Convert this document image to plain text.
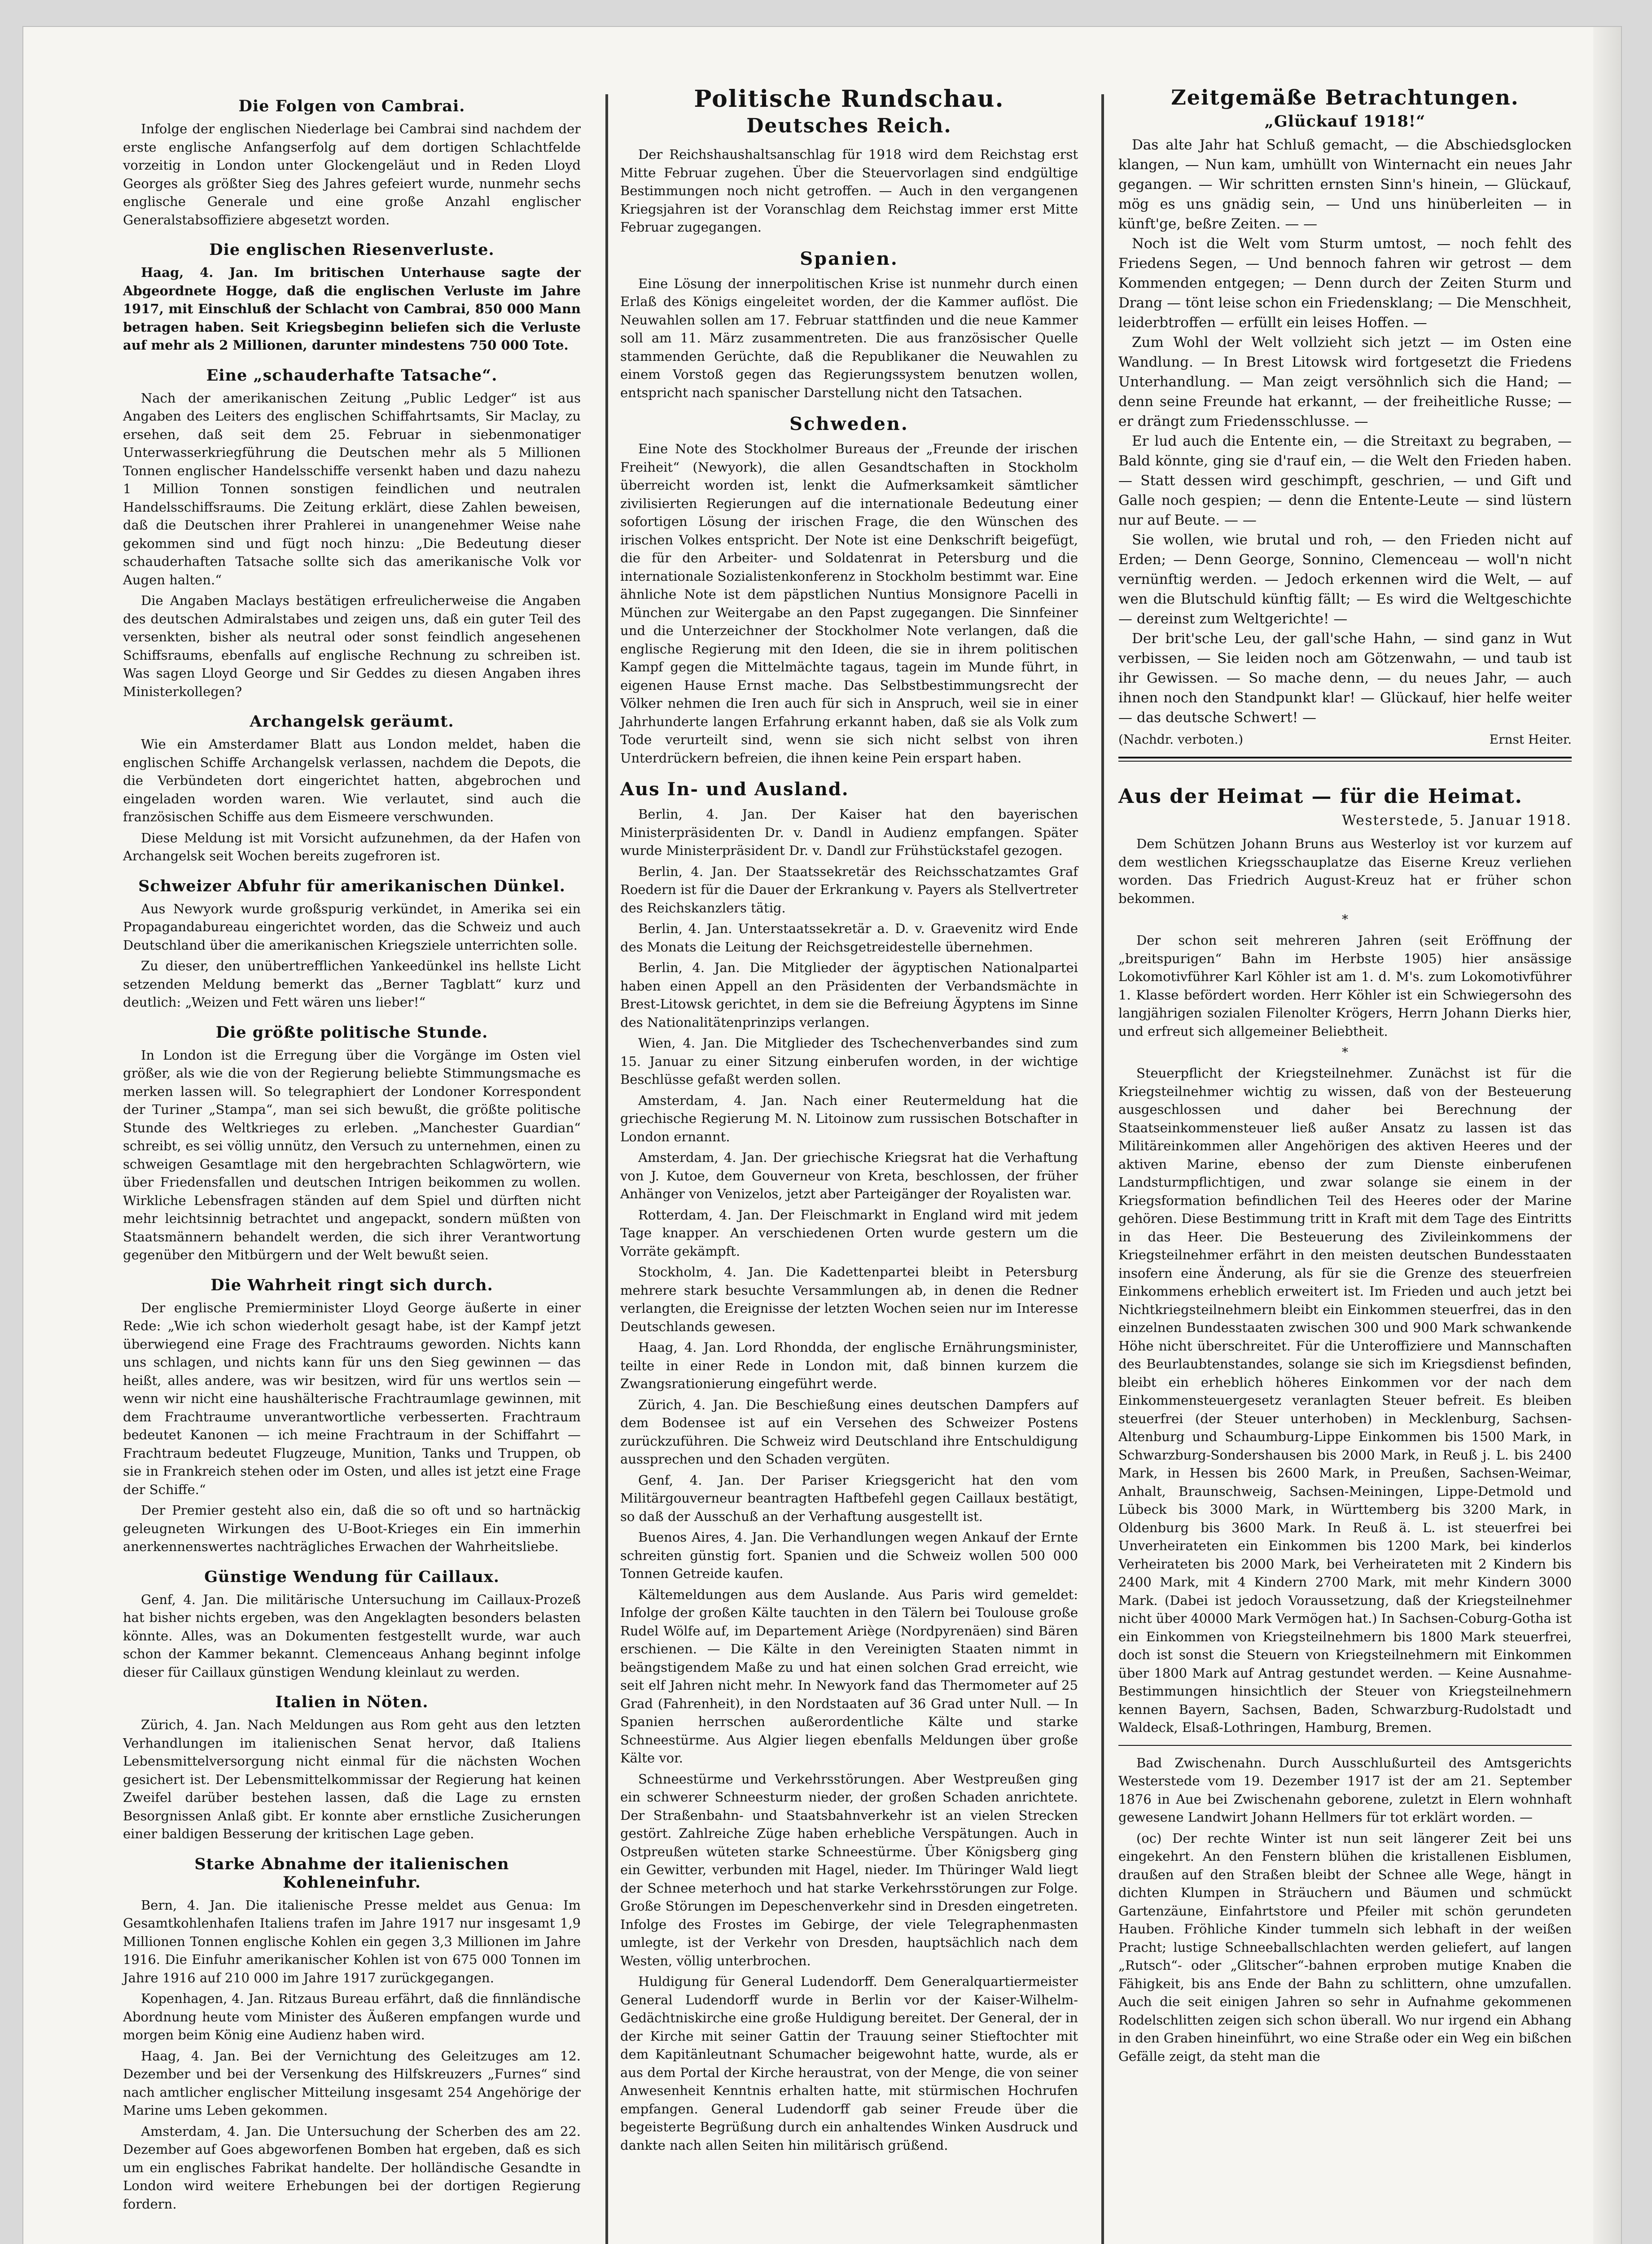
Die Folgen von Cambrai.

Infolge der englischen Niederlage bei Cambrai sind nachdem der erste englische Anfangserfolg auf dem dortigen Schlachtfelde vorzeitig in London unter Glockengeläut und in Reden Lloyd Georges als größter Sieg des Jahres gefeiert wurde, nunmehr sechs englische Generale und eine große Anzahl englischer Generalstabsoffiziere abgesetzt worden.

Die englischen Riesenverluste.

Haag, 4. Jan. Im britischen Unterhause sagte der Abgeordnete Hogge, daß die englischen Verluste im Jahre 1917, mit Einschluß der Schlacht von Cambrai, 850 000 Mann betragen haben. Seit Kriegsbeginn beliefen sich die Verluste auf mehr als 2 Millionen, darunter mindestens 750 000 Tote.

Eine „schauderhafte Tatsache“.

Nach der amerikanischen Zeitung „Public Ledger“ ist aus Angaben des Leiters des englischen Schiffahrtsamts, Sir Maclay, zu ersehen, daß seit dem 25. Februar in siebenmonatiger Unterwasserkriegführung die Deutschen mehr als 5 Millionen Tonnen englischer Handelsschiffe versenkt haben und dazu nahezu 1 Million Tonnen sonstigen feindlichen und neutralen Handelsschiffsraums. Die Zeitung erklärt, diese Zahlen beweisen, daß die Deutschen ihrer Prahlerei in unangenehmer Weise nahe gekommen sind und fügt noch hinzu: „Die Bedeutung dieser schauderhaften Tatsache sollte sich das amerikanische Volk vor Augen halten.“

Die Angaben Maclays bestätigen erfreulicherweise die Angaben des deutschen Admiralstabes und zeigen uns, daß ein guter Teil des versenkten, bisher als neutral oder sonst feindlich angesehenen Schiffsraums, ebenfalls auf englische Rechnung zu schreiben ist. Was sagen Lloyd George und Sir Geddes zu diesen Angaben ihres Ministerkollegen?

Archangelsk geräumt.

Wie ein Amsterdamer Blatt aus London meldet, haben die englischen Schiffe Archangelsk verlassen, nachdem die Depots, die die Verbündeten dort eingerichtet hatten, abgebrochen und eingeladen worden waren. Wie verlautet, sind auch die französischen Schiffe aus dem Eismeere verschwunden.

Diese Meldung ist mit Vorsicht aufzunehmen, da der Hafen von Archangelsk seit Wochen bereits zugefroren ist.

Schweizer Abfuhr für amerikanischen Dünkel.

Aus Newyork wurde großspurig verkündet, in Amerika sei ein Propagandabureau eingerichtet worden, das die Schweiz und auch Deutschland über die amerikanischen Kriegsziele unterrichten solle.

Zu dieser, den unübertrefflichen Yankeedünkel ins hellste Licht setzenden Meldung bemerkt das „Berner Tagblatt“ kurz und deutlich: „Weizen und Fett wären uns lieber!“

Die größte politische Stunde.

In London ist die Erregung über die Vorgänge im Osten viel größer, als wie die von der Regierung beliebte Stimmungsmache es merken lassen will. So telegraphiert der Londoner Korrespondent der Turiner „Stampa“, man sei sich bewußt, die größte politische Stunde des Weltkrieges zu erleben. „Manchester Guardian“ schreibt, es sei völlig unnütz, den Versuch zu unternehmen, einen zu schweigen Gesamtlage mit den hergebrachten Schlagwörtern, wie über Friedensfallen und deutschen Intrigen beikommen zu wollen. Wirkliche Lebensfragen ständen auf dem Spiel und dürften nicht mehr leichtsinnig betrachtet und angepackt, sondern müßten von Staatsmännern behandelt werden, die sich ihrer Verantwortung gegenüber den Mitbürgern und der Welt bewußt seien.

Die Wahrheit ringt sich durch.

Der englische Premierminister Lloyd George äußerte in einer Rede: „Wie ich schon wiederholt gesagt habe, ist der Kampf jetzt überwiegend eine Frage des Frachtraums geworden. Nichts kann uns schlagen, und nichts kann für uns den Sieg gewinnen — das heißt, alles andere, was wir besitzen, wird für uns wertlos sein — wenn wir nicht eine haushälterische Frachtraumlage gewinnen, mit dem Frachtraume unverantwortliche verbesserten. Frachtraum bedeutet Kanonen — ich meine Frachtraum in der Schiffahrt — Frachtraum bedeutet Flugzeuge, Munition, Tanks und Truppen, ob sie in Frankreich stehen oder im Osten, und alles ist jetzt eine Frage der Schiffe.“

Der Premier gesteht also ein, daß die so oft und so hartnäckig geleugneten Wirkungen des U-Boot-Krieges ein Ein immerhin anerkennenswertes nachträgliches Erwachen der Wahrheitsliebe.

Günstige Wendung für Caillaux.

Genf, 4. Jan. Die militärische Untersuchung im Caillaux-Prozeß hat bisher nichts ergeben, was den Angeklagten besonders belasten könnte. Alles, was an Dokumenten festgestellt wurde, war auch schon der Kammer bekannt. Clemenceaus Anhang beginnt infolge dieser für Caillaux günstigen Wendung kleinlaut zu werden.

Italien in Nöten.

Zürich, 4. Jan. Nach Meldungen aus Rom geht aus den letzten Verhandlungen im italienischen Senat hervor, daß Italiens Lebensmittelversorgung nicht einmal für die nächsten Wochen gesichert ist. Der Lebensmittelkommissar der Regierung hat keinen Zweifel darüber bestehen lassen, daß die Lage zu ernsten Besorgnissen Anlaß gibt. Er konnte aber ernstliche Zusicherungen einer baldigen Besserung der kritischen Lage geben.

Starke Abnahme der italienischen Kohleneinfuhr.

Bern, 4. Jan. Die italienische Presse meldet aus Genua: Im Gesamtkohlenhafen Italiens trafen im Jahre 1917 nur insgesamt 1,9 Millionen Tonnen englische Kohlen ein gegen 3,3 Millionen im Jahre 1916. Die Einfuhr amerikanischer Kohlen ist von 675 000 Tonnen im Jahre 1916 auf 210 000 im Jahre 1917 zurückgegangen.

Kopenhagen, 4. Jan. Ritzaus Bureau erfährt, daß die finnländische Abordnung heute vom Minister des Äußeren empfangen wurde und morgen beim König eine Audienz haben wird.

Haag, 4. Jan. Bei der Vernichtung des Geleitzuges am 12. Dezember und bei der Versenkung des Hilfskreuzers „Furnes“ sind nach amtlicher englischer Mitteilung insgesamt 254 Angehörige der Marine ums Leben gekommen.

Amsterdam, 4. Jan. Die Untersuchung der Scherben des am 22. Dezember auf Goes abgeworfenen Bomben hat ergeben, daß es sich um ein englisches Fabrikat handelte. Der holländische Gesandte in London wird weitere Erhebungen bei der dortigen Regierung fordern.

Politische Rundschau.
Deutsches Reich.

Der Reichshaushaltsanschlag für 1918 wird dem Reichstag erst Mitte Februar zugehen. Über die Steuervorlagen sind endgültige Bestimmungen noch nicht getroffen. — Auch in den vergangenen Kriegsjahren ist der Voranschlag dem Reichstag immer erst Mitte Februar zugegangen.

Spanien.

Eine Lösung der innerpolitischen Krise ist nunmehr durch einen Erlaß des Königs eingeleitet worden, der die Kammer auflöst. Die Neuwahlen sollen am 17. Februar stattfinden und die neue Kammer soll am 11. März zusammentreten. Die aus französischer Quelle stammenden Gerüchte, daß die Republikaner die Neuwahlen zu einem Vorstoß gegen das Regierungssystem benutzen wollen, entspricht nach spanischer Darstellung nicht den Tatsachen.

Schweden.

Eine Note des Stockholmer Bureaus der „Freunde der irischen Freiheit“ (Newyork), die allen Gesandtschaften in Stockholm überreicht worden ist, lenkt die Aufmerksamkeit sämtlicher zivilisierten Regierungen auf die internationale Bedeutung einer sofortigen Lösung der irischen Frage, die den Wünschen des irischen Volkes entspricht. Der Note ist eine Denkschrift beigefügt, die für den Arbeiter- und Soldatenrat in Petersburg und die internationale Sozialistenkonferenz in Stockholm bestimmt war. Eine ähnliche Note ist dem päpstlichen Nuntius Monsignore Pacelli in München zur Weitergabe an den Papst zugegangen. Die Sinnfeiner und die Unterzeichner der Stockholmer Note verlangen, daß die englische Regierung mit den Ideen, die sie in ihrem politischen Kampf gegen die Mittelmächte tagaus, tagein im Munde führt, in eigenen Hause Ernst mache. Das Selbstbestimmungsrecht der Völker nehmen die Iren auch für sich in Anspruch, weil sie in einer Jahrhunderte langen Erfahrung erkannt haben, daß sie als Volk zum Tode verurteilt sind, wenn sie sich nicht selbst von ihren Unterdrückern befreien, die ihnen keine Pein erspart haben.

Aus In- und Ausland.

Berlin, 4. Jan. Der Kaiser hat den bayerischen Ministerpräsidenten Dr. v. Dandl in Audienz empfangen. Später wurde Ministerpräsident Dr. v. Dandl zur Frühstückstafel gezogen.

Berlin, 4. Jan. Der Staatssekretär des Reichsschatzamtes Graf Roedern ist für die Dauer der Erkrankung v. Payers als Stellvertreter des Reichskanzlers tätig.

Berlin, 4. Jan. Unterstaatssekretär a. D. v. Graevenitz wird Ende des Monats die Leitung der Reichsgetreidestelle übernehmen.

Berlin, 4. Jan. Die Mitglieder der ägyptischen Nationalpartei haben einen Appell an den Präsidenten der Verbandsmächte in Brest-Litowsk gerichtet, in dem sie die Befreiung Ägyptens im Sinne des Nationalitätenprinzips verlangen.

Wien, 4. Jan. Die Mitglieder des Tschechenverbandes sind zum 15. Januar zu einer Sitzung einberufen worden, in der wichtige Beschlüsse gefaßt werden sollen.

Amsterdam, 4. Jan. Nach einer Reutermeldung hat die griechische Regierung M. N. Litoinow zum russischen Botschafter in London ernannt.

Amsterdam, 4. Jan. Der griechische Kriegsrat hat die Verhaftung von J. Kutoe, dem Gouverneur von Kreta, beschlossen, der früher Anhänger von Venizelos, jetzt aber Parteigänger der Royalisten war.

Rotterdam, 4. Jan. Der Fleischmarkt in England wird mit jedem Tage knapper. An verschiedenen Orten wurde gestern um die Vorräte gekämpft.

Stockholm, 4. Jan. Die Kadettenpartei bleibt in Petersburg mehrere stark besuchte Versammlungen ab, in denen die Redner verlangten, die Ereignisse der letzten Wochen seien nur im Interesse Deutschlands gewesen.

Haag, 4. Jan. Lord Rhondda, der englische Ernährungsminister, teilte in einer Rede in London mit, daß binnen kurzem die Zwangsrationierung eingeführt werde.

Zürich, 4. Jan. Die Beschießung eines deutschen Dampfers auf dem Bodensee ist auf ein Versehen des Schweizer Postens zurückzuführen. Die Schweiz wird Deutschland ihre Entschuldigung aussprechen und den Schaden vergüten.

Genf, 4. Jan. Der Pariser Kriegsgericht hat den vom Militärgouverneur beantragten Haftbefehl gegen Caillaux bestätigt, so daß der Ausschuß an der Verhaftung ausgestellt ist.

Buenos Aires, 4. Jan. Die Verhandlungen wegen Ankauf der Ernte schreiten günstig fort. Spanien und die Schweiz wollen 500 000 Tonnen Getreide kaufen.

Kältemeldungen aus dem Auslande. Aus Paris wird gemeldet: Infolge der großen Kälte tauchten in den Tälern bei Toulouse große Rudel Wölfe auf, im Departement Ariège (Nordpyrenäen) sind Bären erschienen. — Die Kälte in den Vereinigten Staaten nimmt in beängstigendem Maße zu und hat einen solchen Grad erreicht, wie seit elf Jahren nicht mehr. In Newyork fand das Thermometer auf 25 Grad (Fahrenheit), in den Nordstaaten auf 36 Grad unter Null. — In Spanien herrschen außerordentliche Kälte und starke Schneestürme. Aus Algier liegen ebenfalls Meldungen über große Kälte vor.

Schneestürme und Verkehrsstörungen. Aber Westpreußen ging ein schwerer Schneesturm nieder, der großen Schaden anrichtete. Der Straßenbahn- und Staatsbahnverkehr ist an vielen Strecken gestört. Zahlreiche Züge haben erhebliche Verspätungen. Auch in Ostpreußen wüteten starke Schneestürme. Über Königsberg ging ein Gewitter, verbunden mit Hagel, nieder. Im Thüringer Wald liegt der Schnee meterhoch und hat starke Verkehrsstörungen zur Folge. Große Störungen im Depeschenverkehr sind in Dresden eingetreten. Infolge des Frostes im Gebirge, der viele Telegraphenmasten umlegte, ist der Verkehr von Dresden, hauptsächlich nach dem Westen, völlig unterbrochen.

Huldigung für General Ludendorff. Dem Generalquartiermeister General Ludendorff wurde in Berlin vor der Kaiser-Wilhelm-Gedächtniskirche eine große Huldigung bereitet. Der General, der in der Kirche mit seiner Gattin der Trauung seiner Stieftochter mit dem Kapitänleutnant Schumacher beigewohnt hatte, wurde, als er aus dem Portal der Kirche heraustrat, von der Menge, die von seiner Anwesenheit Kenntnis erhalten hatte, mit stürmischen Hochrufen empfangen. General Ludendorff gab seiner Freude über die begeisterte Begrüßung durch ein anhaltendes Winken Ausdruck und dankte nach allen Seiten hin militärisch grüßend.

Zeitgemäße Betrachtungen.
„Glückauf 1918!“

Das alte Jahr hat Schluß gemacht, — die Abschiedsglocken klangen, — Nun kam, umhüllt von Winternacht ein neues Jahr gegangen. — Wir schritten ernsten Sinn's hinein, — Glückauf, mög es uns gnädig sein, — Und uns hinüberleiten — in künft'ge, beßre Zeiten. — —

Noch ist die Welt vom Sturm umtost, — noch fehlt des Friedens Segen, — Und bennoch fahren wir getrost — dem Kommenden entgegen; — Denn durch der Zeiten Sturm und Drang — tönt leise schon ein Friedensklang; — Die Menschheit, leiderbtroffen — erfüllt ein leises Hoffen. —

Zum Wohl der Welt vollzieht sich jetzt — im Osten eine Wandlung. — In Brest Litowsk wird fortgesetzt die Friedens Unterhandlung. — Man zeigt versöhnlich sich die Hand; — denn seine Freunde hat erkannt, — der freiheitliche Russe; — er drängt zum Friedensschlusse. —

Er lud auch die Entente ein, — die Streitaxt zu begraben, — Bald könnte, ging sie d'rauf ein, — die Welt den Frieden haben. — Statt dessen wird geschimpft, geschrien, — und Gift und Galle noch gespien; — denn die Entente-Leute — sind lüstern nur auf Beute. — —

Sie wollen, wie brutal und roh, — den Frieden nicht auf Erden; — Denn George, Sonnino, Clemenceau — woll'n nicht vernünftig werden. — Jedoch erkennen wird die Welt, — auf wen die Blutschuld künftig fällt; — Es wird die Weltgeschichte — dereinst zum Weltgerichte! —

Der brit'sche Leu, der gall'sche Hahn, — sind ganz in Wut verbissen, — Sie leiden noch am Götzenwahn, — und taub ist ihr Gewissen. — So mache denn, — du neues Jahr, — auch ihnen noch den Standpunkt klar! — Glückauf, hier helfe weiter — das deutsche Schwert! —

(Nachdr. verboten.)	Ernst Heiter.
Aus der Heimat — für die Heimat.
Westerstede, 5. Januar 1918.

Dem Schützen Johann Bruns aus Westerloy ist vor kurzem auf dem westlichen Kriegsschauplatze das Eiserne Kreuz verliehen worden. Das Friedrich August-Kreuz hat er früher schon bekommen.

*

Der schon seit mehreren Jahren (seit Eröffnung der „breitspurigen“ Bahn im Herbste 1905) hier ansässige Lokomotivführer Karl Köhler ist am 1. d. M's. zum Lokomotivführer 1. Klasse befördert worden. Herr Köhler ist ein Schwiegersohn des langjährigen sozialen Filenolter Krögers, Herrn Johann Dierks hier, und erfreut sich allgemeiner Beliebtheit.

*

Steuerpflicht der Kriegsteilnehmer. Zunächst ist für die Kriegsteilnehmer wichtig zu wissen, daß von der Besteuerung ausgeschlossen und daher bei Berechnung der Staatseinkommensteuer ließ außer Ansatz zu lassen ist das Militäreinkommen aller Angehörigen des aktiven Heeres und der aktiven Marine, ebenso der zum Dienste einberufenen Landsturmpflichtigen, und zwar solange sie einem in der Kriegsformation befindlichen Teil des Heeres oder der Marine gehören. Diese Bestimmung tritt in Kraft mit dem Tage des Eintritts in das Heer. Die Besteuerung des Zivileinkommens der Kriegsteilnehmer erfährt in den meisten deutschen Bundesstaaten insofern eine Änderung, als für sie die Grenze des steuerfreien Einkommens erheblich erweitert ist. Im Frieden und auch jetzt bei Nichtkriegsteilnehmern bleibt ein Einkommen steuerfrei, das in den einzelnen Bundesstaaten zwischen 300 und 900 Mark schwankende Höhe nicht überschreitet. Für die Unteroffiziere und Mannschaften des Beurlaubtenstandes, solange sie sich im Kriegsdienst befinden, bleibt ein erheblich höheres Einkommen vor der nach dem Einkommensteuergesetz veranlagten Steuer befreit. Es bleiben steuerfrei (der Steuer unterhoben) in Mecklenburg, Sachsen-Altenburg und Schaumburg-Lippe Einkommen bis 1500 Mark, in Schwarzburg-Sondershausen bis 2000 Mark, in Reuß j. L. bis 2400 Mark, in Hessen bis 2600 Mark, in Preußen, Sachsen-Weimar, Anhalt, Braunschweig, Sachsen-Meiningen, Lippe-Detmold und Lübeck bis 3000 Mark, in Württemberg bis 3200 Mark, in Oldenburg bis 3600 Mark. In Reuß ä. L. ist steuerfrei bei Unverheirateten ein Einkommen bis 1200 Mark, bei kinderlos Verheirateten bis 2000 Mark, bei Verheirateten mit 2 Kindern bis 2400 Mark, mit 4 Kindern 2700 Mark, mit mehr Kindern 3000 Mark. (Dabei ist jedoch Voraussetzung, daß der Kriegsteilnehmer nicht über 40000 Mark Vermögen hat.) In Sachsen-Coburg-Gotha ist ein Einkommen von Kriegsteilnehmern bis 1800 Mark steuerfrei, doch ist sonst die Steuern von Kriegsteilnehmern mit Einkommen über 1800 Mark auf Antrag gestundet werden. — Keine Ausnahme-Bestimmungen hinsichtlich der Steuer von Kriegsteilnehmern kennen Bayern, Sachsen, Baden, Schwarzburg-Rudolstadt und Waldeck, Elsaß-Lothringen, Hamburg, Bremen.

Bad Zwischenahn. Durch Ausschlußurteil des Amtsgerichts Westerstede vom 19. Dezember 1917 ist der am 21. September 1876 in Aue bei Zwischenahn geborene, zuletzt in Elern wohnhaft gewesene Landwirt Johann Hellmers für tot erklärt worden. —

(oc) Der rechte Winter ist nun seit längerer Zeit bei uns eingekehrt. An den Fenstern blühen die kristallenen Eisblumen, draußen auf den Straßen bleibt der Schnee alle Wege, hängt in dichten Klumpen in Sträuchern und Bäumen und schmückt Gartenzäune, Einfahrtstore und Pfeiler mit schön gerundeten Hauben. Fröhliche Kinder tummeln sich lebhaft in der weißen Pracht; lustige Schneeballschlachten werden geliefert, auf langen „Rutsch“- oder „Glitscher“-bahnen erproben mutige Knaben die Fähigkeit, bis ans Ende der Bahn zu schlittern, ohne umzufallen. Auch die seit einigen Jahren so sehr in Aufnahme gekommenen Rodelschlitten zeigen sich schon überall. Wo nur irgend ein Abhang in den Graben hineinführt, wo eine Straße oder ein Weg ein bißchen Gefälle zeigt, da steht man die
